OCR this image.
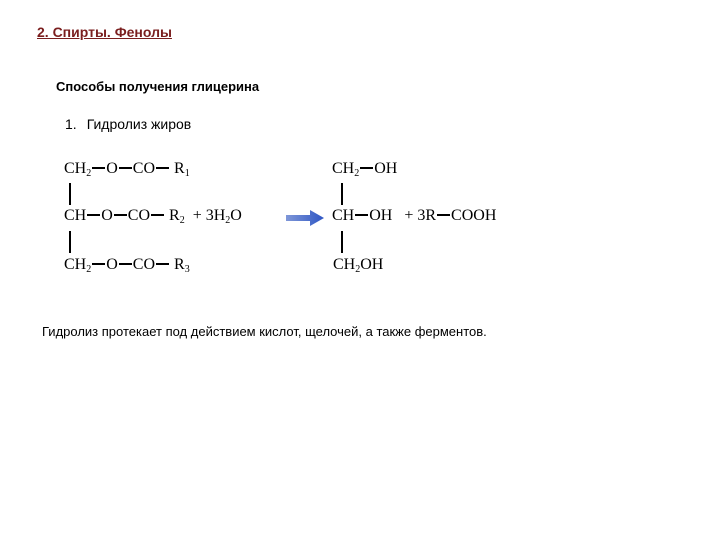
2. Спирты. Фенолы
Способы получения глицерина
1. Гидролиз жиров
$CH_2$ O CO $R_1$
CH O CO $R_2 + 3H_2O$
$CH_2$ O CO $R_3$
$CH_2$ OH
CH OH + 3R COOH
$CH_2OH$
Гидролиз протекает под действием кислот, щелочей, а также ферментов.
